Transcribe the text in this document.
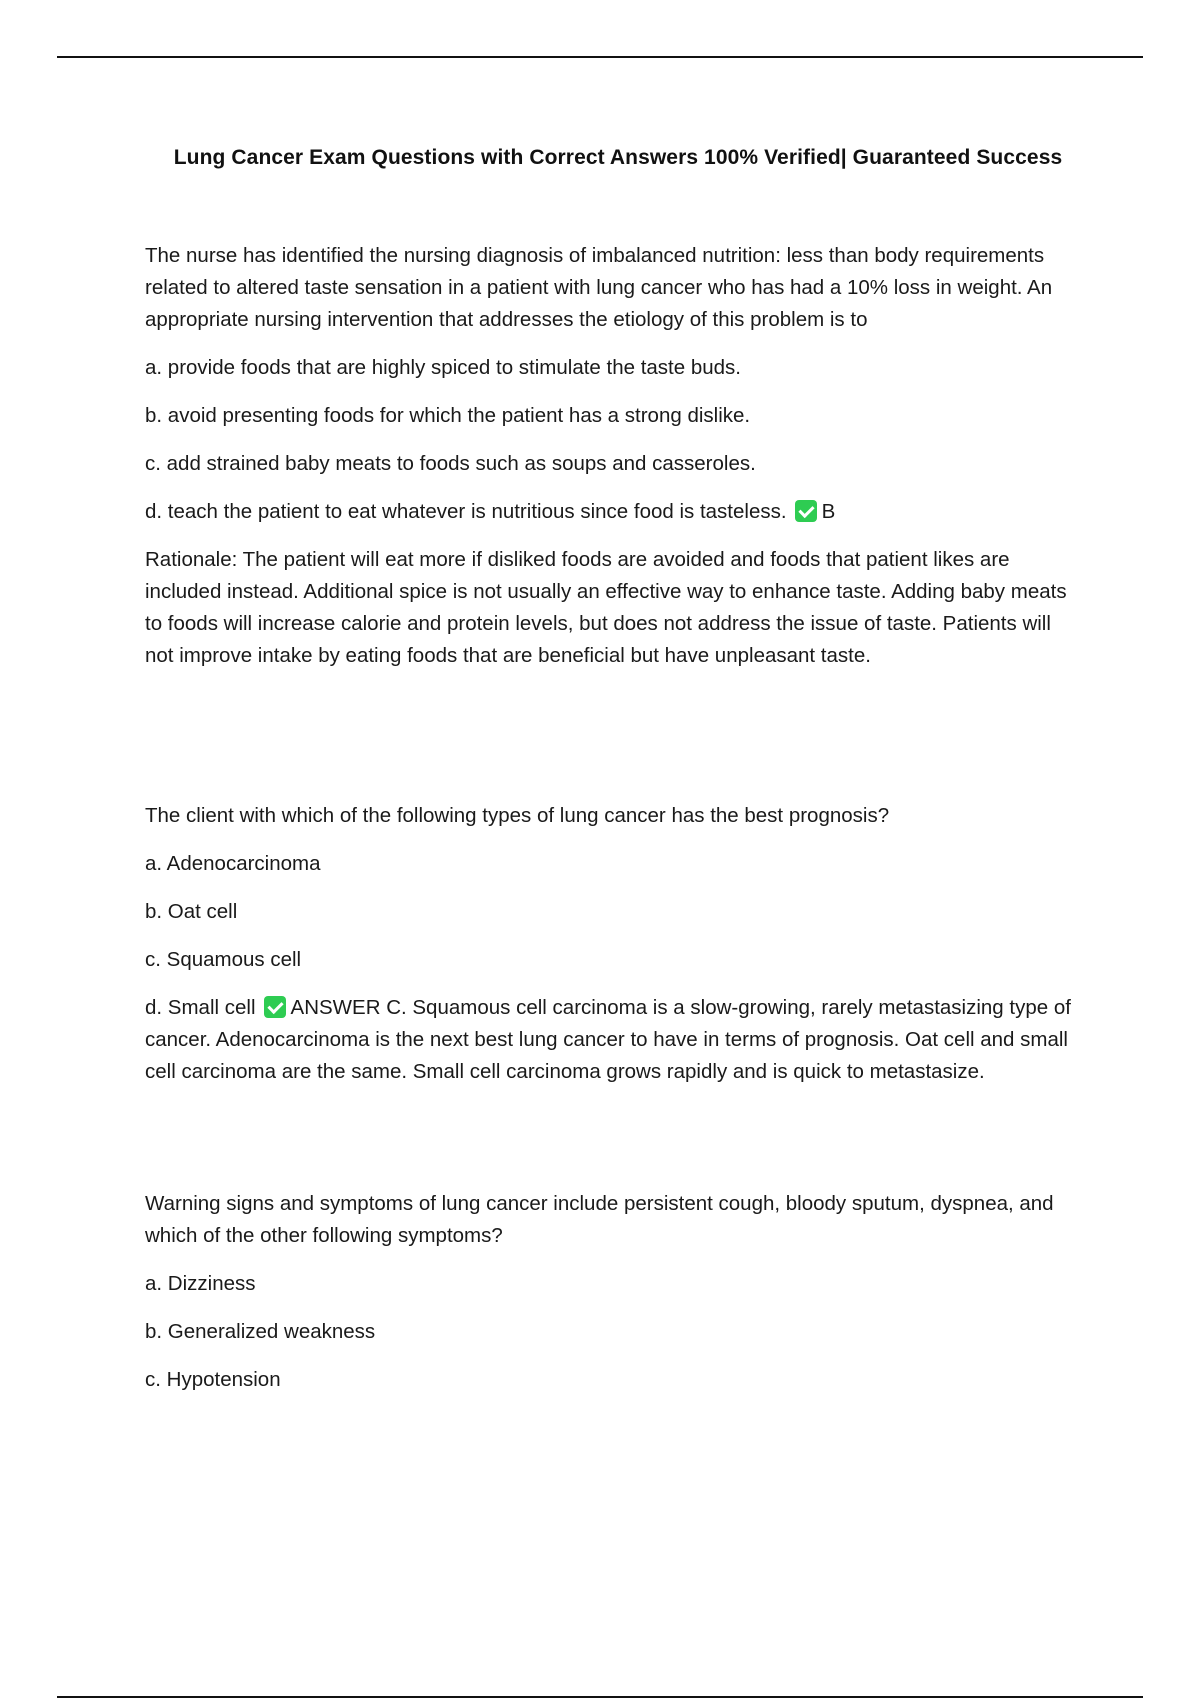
Lung Cancer Exam Questions with Correct Answers 100% Verified| Guaranteed Success

The nurse has identified the nursing diagnosis of imbalanced nutrition: less than body requirements related to altered taste sensation in a patient with lung cancer who has had a 10% loss in weight. An appropriate nursing intervention that addresses the etiology of this problem is to

a. provide foods that are highly spiced to stimulate the taste buds.

b. avoid presenting foods for which the patient has a strong dislike.

c. add strained baby meats to foods such as soups and casseroles.

d. teach the patient to eat whatever is nutritious since food is tasteless. B

Rationale: The patient will eat more if disliked foods are avoided and foods that patient likes are included instead. Additional spice is not usually an effective way to enhance taste. Adding baby meats to foods will increase calorie and protein levels, but does not address the issue of taste. Patients will not improve intake by eating foods that are beneficial but have unpleasant taste.

The client with which of the following types of lung cancer has the best prognosis?

a. Adenocarcinoma

b. Oat cell

c. Squamous cell

d. Small cell ANSWER C. Squamous cell carcinoma is a slow-growing, rarely metastasizing type of cancer. Adenocarcinoma is the next best lung cancer to have in terms of prognosis. Oat cell and small cell carcinoma are the same. Small cell carcinoma grows rapidly and is quick to metastasize.

Warning signs and symptoms of lung cancer include persistent cough, bloody sputum, dyspnea, and which of the other following symptoms?

a. Dizziness

b. Generalized weakness

c. Hypotension
